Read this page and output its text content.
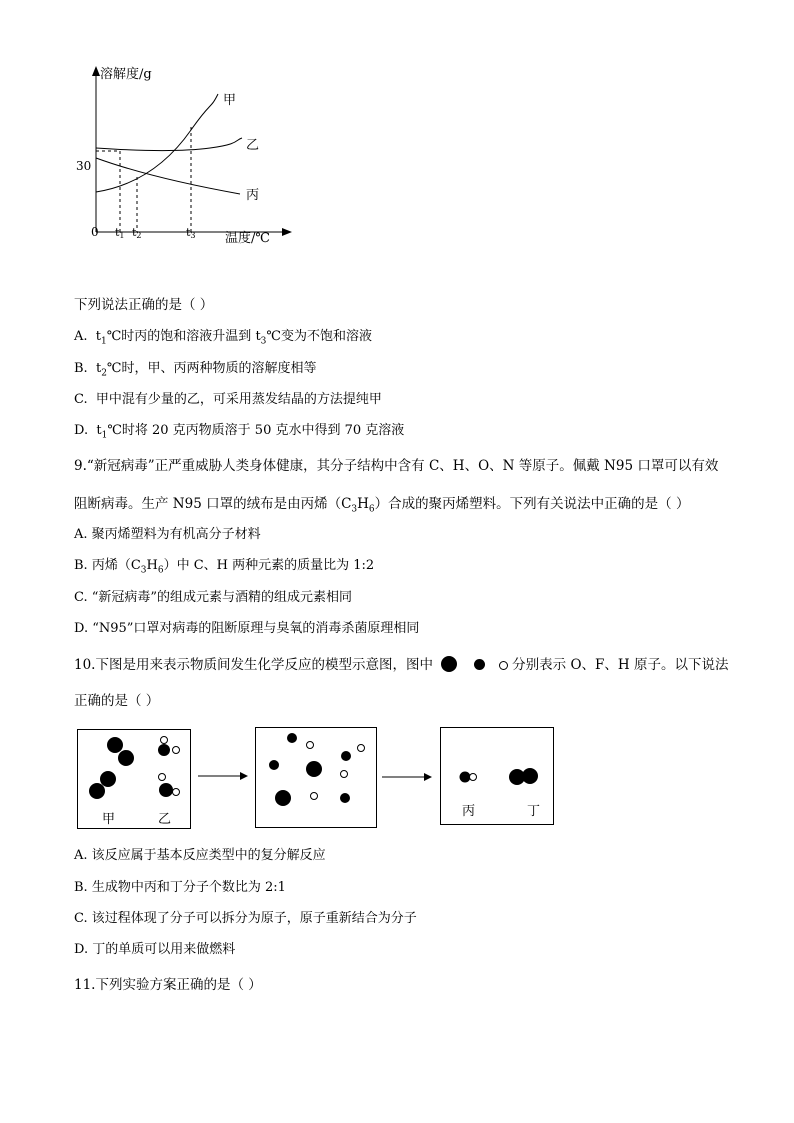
溶解度/g
温度/℃
0
30
t1 t2	t3
甲
乙
丙
下列说法正确的是（ ）
A. $t_1℃$时丙的饱和溶液升温到 $t_3℃$变为不饱和溶液
B. $t_2℃$时，甲、丙两种物质的溶解度相等
C. 甲中混有少量的乙，可采用蒸发结晶的方法提纯甲
D. $t_1℃$时将 20 克丙物质溶于 50 克水中得到 70 克溶液
9.“新冠病毒”正严重威胁人类身体健康，其分子结构中含有 C、H、O、N 等原子。佩戴 N95 口罩可以有效
阻断病毒。生产 N95 口罩的绒布是由丙烯$(C_3H_6)$合成的聚丙烯塑料。下列有关说法中正确的是（ ）
A. 聚丙烯塑料为有机高分子材料
B. 丙烯$(C_3H_6)$中 C、H 两种元素的质量比为 1:2
C. “新冠病毒”的组成元素与酒精的组成元素相同
D. “N95”口罩对病毒的阻断原理与臭氧的消毒杀菌原理相同
10.下图是用来表示物质间发生化学反应的模型示意图，图中	分别表示 O、F、H 原子。以下说法
正确的是（ ）
甲	乙
丙	丁
A. 该反应属于基本反应类型中的复分解反应
B. 生成物中丙和丁分子个数比为 2:1
C. 该过程体现了分子可以拆分为原子，原子重新结合为分子
D. 丁的单质可以用来做燃料
11.下列实验方案正确的是（ ）
